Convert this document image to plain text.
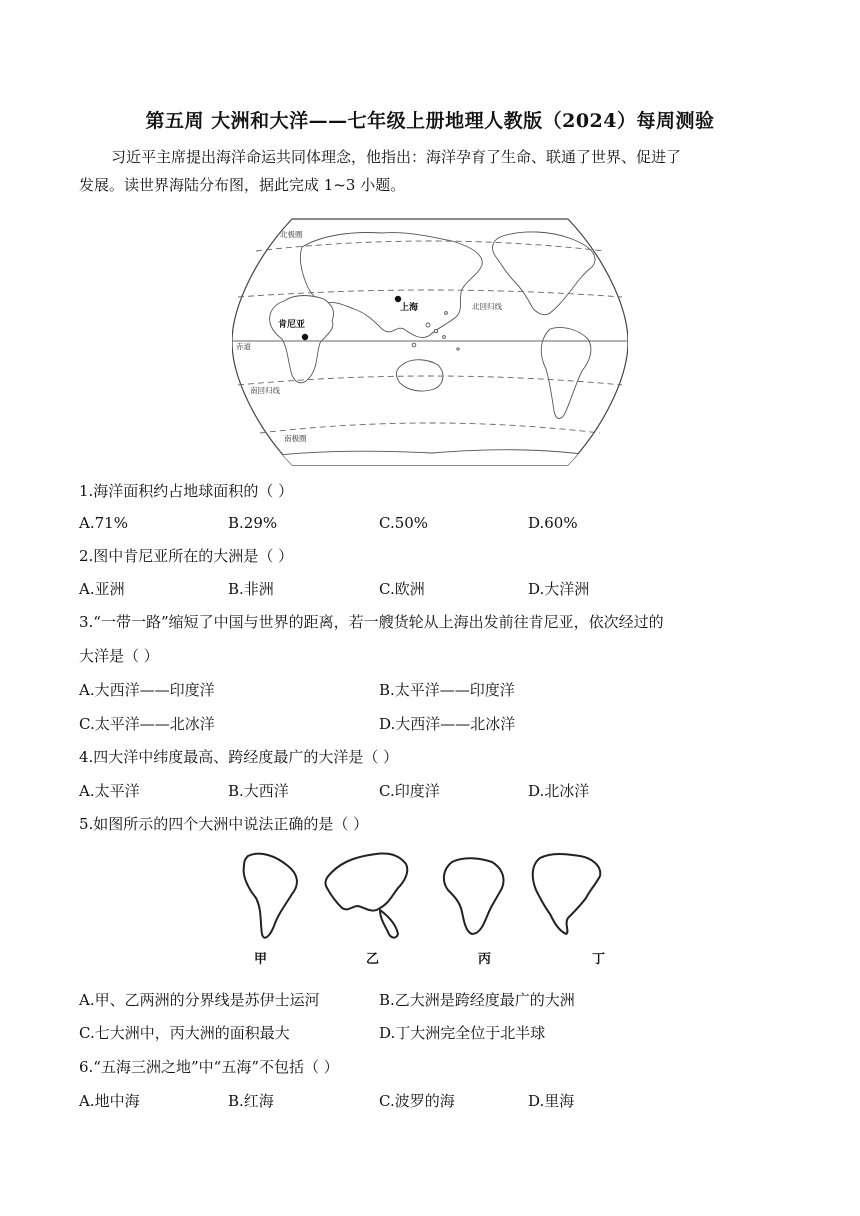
第五周 大洲和大洋——七年级上册地理人教版（2024）每周测验

习近平主席提出海洋命运共同体理念，他指出：海洋孕育了生命、联通了世界、促进了

发展。读世界海陆分布图，据此完成 1~3 小题。

北极圈
北回归线
赤道
南回归线
南极圈
上海
肯尼亚
1.海洋面积约占地球面积的（ ）
A.71%	B.29%	C.50%	D.60%
2.图中肯尼亚所在的大洲是（ ）
A.亚洲	B.非洲	C.欧洲	D.大洋洲
3.“一带一路”缩短了中国与世界的距离，若一艘货轮从上海出发前往肯尼亚，依次经过的
大洋是（ ）
A.大西洋——印度洋	B.太平洋——印度洋
C.太平洋——北冰洋	D.大西洋——北冰洋
4.四大洋中纬度最高、跨经度最广的大洋是（ ）
A.太平洋	B.大西洋	C.印度洋	D.北冰洋
5.如图所示的四个大洲中说法正确的是（ ）
甲	乙	丙	丁
A.甲、乙两洲的分界线是苏伊士运河	B.乙大洲是跨经度最广的大洲
C.七大洲中，丙大洲的面积最大	D.丁大洲完全位于北半球
6.“五海三洲之地”中“五海”不包括（ ）
A.地中海	B.红海	C.波罗的海	D.里海
